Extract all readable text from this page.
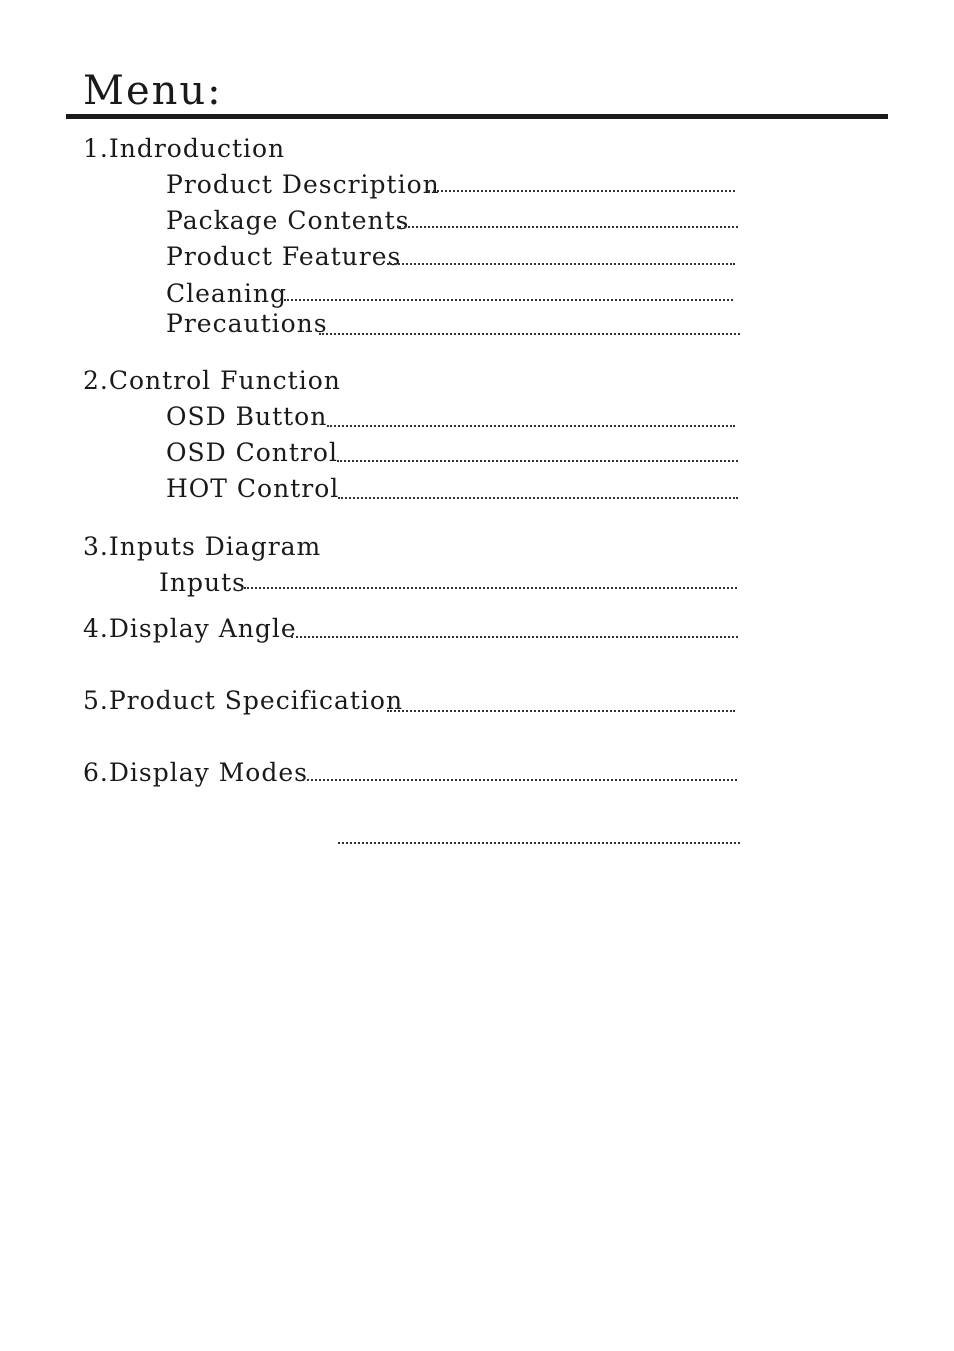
Menu:
1.Indroduction
Product Description
Package Contents
Product Features
Cleaning
Precautions
2.Control Function
OSD Button
OSD Control
HOT Control
3.Inputs Diagram
Inputs
4.Display Angle
5.Product Specification
6.Display Modes
